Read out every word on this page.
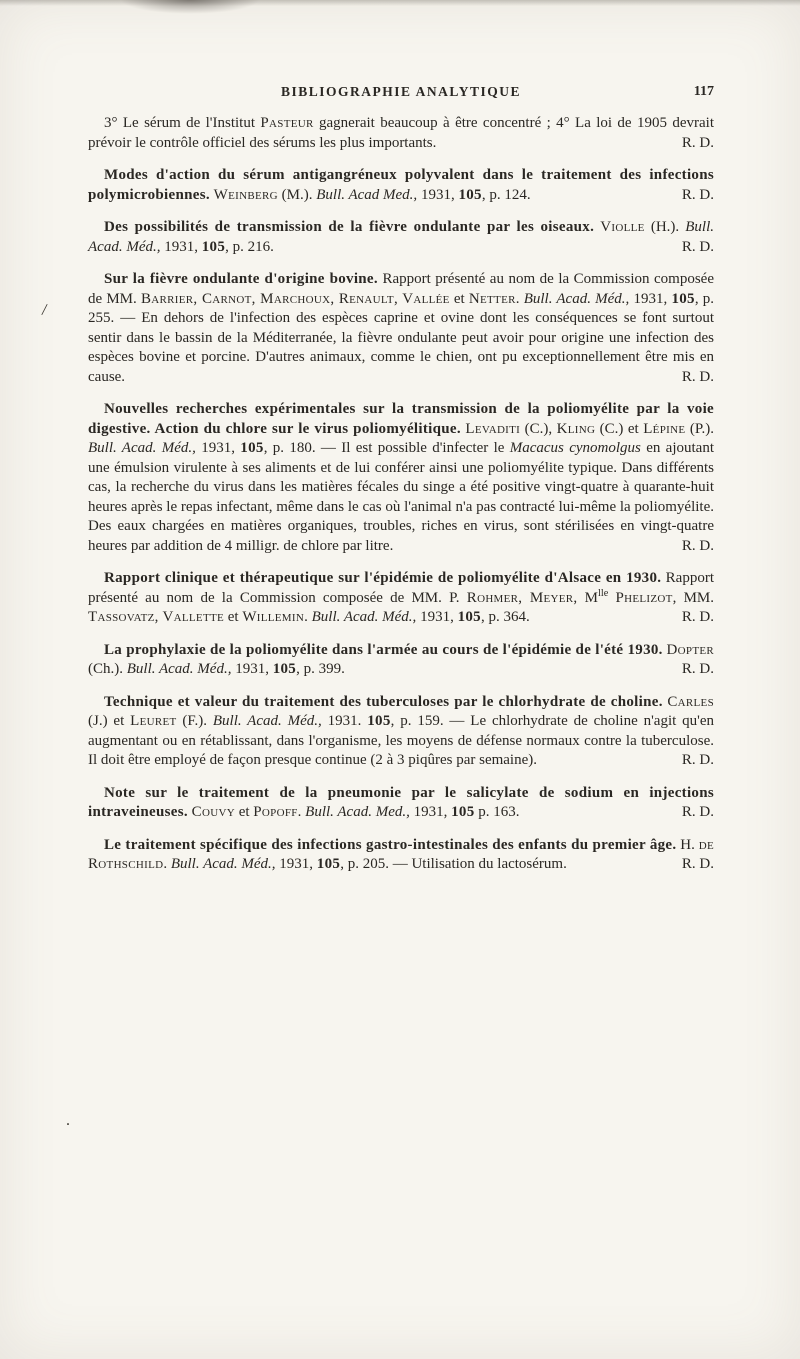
BIBLIOGRAPHIE ANALYTIQUE	117
/
.

3° Le sérum de l'Institut Pasteur gagnerait beaucoup à être concentré ; 4° La loi de 1905 devrait prévoir le contrôle officiel des sérums les plus importants.	R. D.

Modes d'action du sérum antigangréneux polyvalent dans le traitement des infections polymicrobiennes. Weinberg (M.). Bull. Acad Med., 1931, 105, p. 124.	R. D.

Des possibilités de transmission de la fièvre ondulante par les oiseaux. Violle (H.). Bull. Acad. Méd., 1931, 105, p. 216.	R. D.

Sur la fièvre ondulante d'origine bovine. Rapport présenté au nom de la Commission composée de MM. Barrier, Carnot, Marchoux, Renault, Vallée et Netter. Bull. Acad. Méd., 1931, 105, p. 255. — En dehors de l'infection des espèces caprine et ovine dont les conséquences se font surtout sentir dans le bassin de la Méditerranée, la fièvre ondulante peut avoir pour origine une infection des espèces bovine et porcine. D'autres animaux, comme le chien, ont pu exceptionnellement être mis en cause.	R. D.

Nouvelles recherches expérimentales sur la transmission de la poliomyélite par la voie digestive. Action du chlore sur le virus poliomyélitique. Levaditi (C.), Kling (C.) et Lépine (P.). Bull. Acad. Méd., 1931, 105, p. 180. — Il est possible d'infecter le Macacus cynomolgus en ajoutant une émulsion virulente à ses aliments et de lui conférer ainsi une poliomyélite typique. Dans différents cas, la recherche du virus dans les matières fécales du singe a été positive vingt-quatre à quarante-huit heures après le repas infectant, même dans le cas où l'animal n'a pas contracté lui-même la poliomyélite. Des eaux chargées en matières organiques, troubles, riches en virus, sont stérilisées en vingt-quatre heures par addition de 4 milligr. de chlore par litre.	R. D.

Rapport clinique et thérapeutique sur l'épidémie de poliomyélite d'Alsace en 1930. Rapport présenté au nom de la Commission composée de MM. P. Rohmer, Meyer, $M^{lle}$ Phelizot, MM. Tassovatz, Vallette et Willemin. Bull. Acad. Méd., 1931, 105, p. 364.	R. D.

La prophylaxie de la poliomyélite dans l'armée au cours de l'épidémie de l'été 1930. Dopter (Ch.). Bull. Acad. Méd., 1931, 105, p. 399.	R. D.

Technique et valeur du traitement des tuberculoses par le chlorhydrate de choline. Carles (J.) et Leuret (F.). Bull. Acad. Méd., 1931. 105, p. 159. — Le chlorhydrate de choline n'agit qu'en augmentant ou en rétablissant, dans l'organisme, les moyens de défense normaux contre la tuberculose. Il doit être employé de façon presque continue (2 à 3 piqûres par semaine).	R. D.

Note sur le traitement de la pneumonie par le salicylate de sodium en injections intraveineuses. Couvy et Popoff. Bull. Acad. Med., 1931, 105 p. 163.	R. D.

Le traitement spécifique des infections gastro-intestinales des enfants du premier âge. H. de Rothschild. Bull. Acad. Méd., 1931, 105, p. 205. — Utilisation du lactosérum.	R. D.
